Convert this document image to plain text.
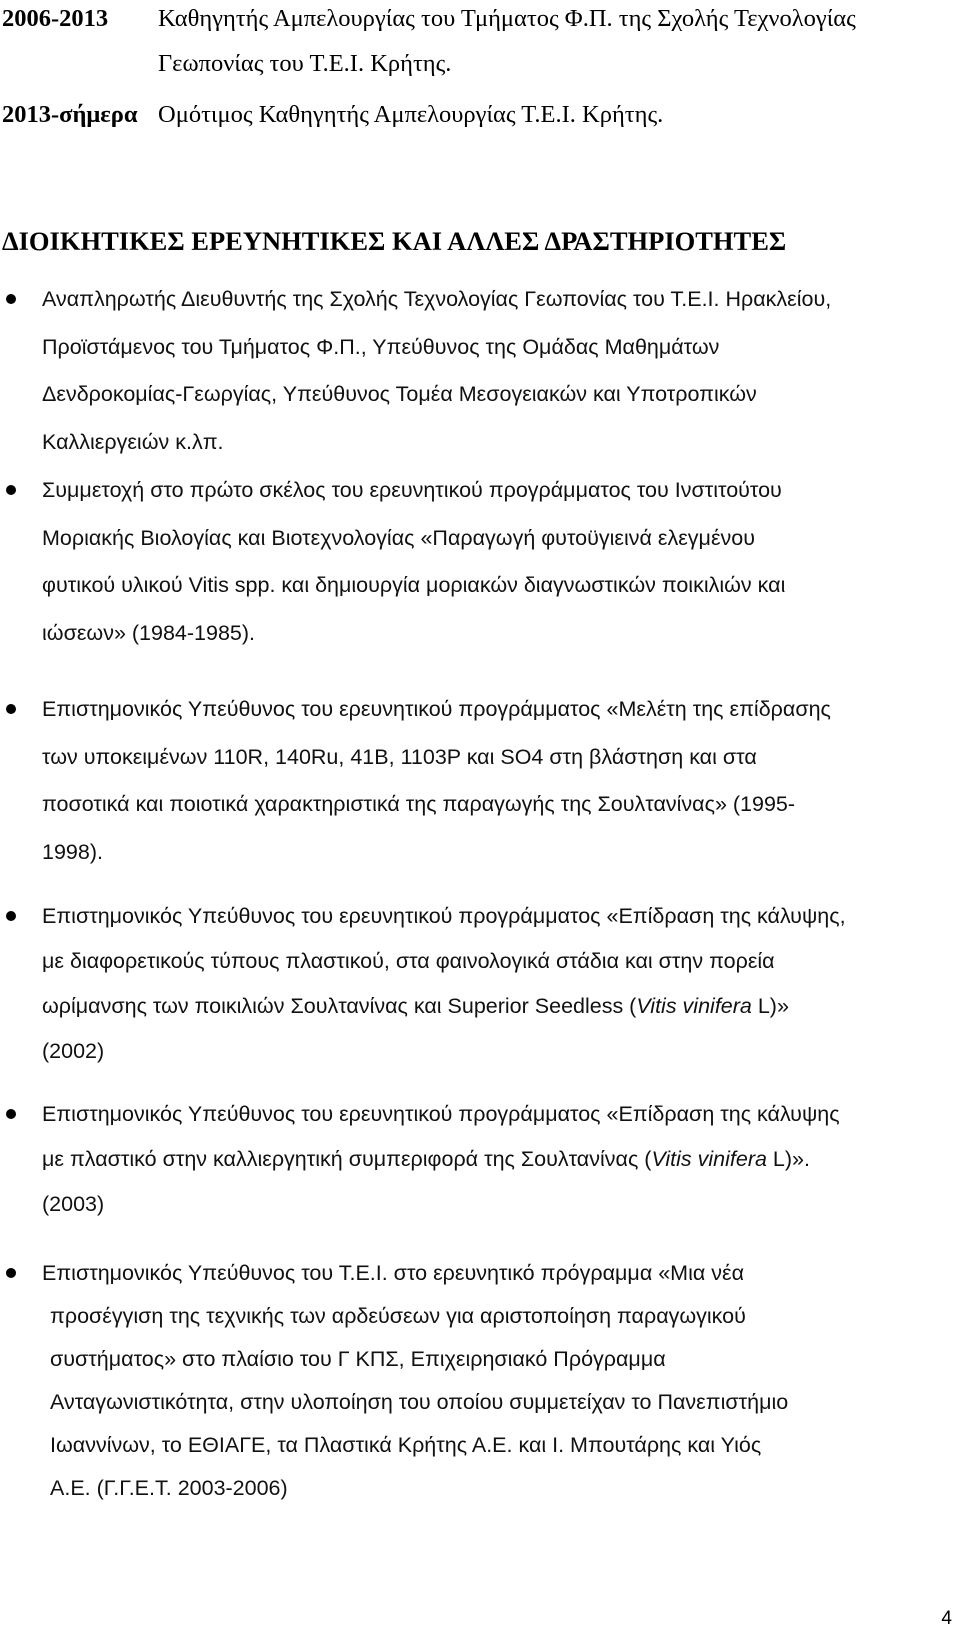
2006-2013 Καθηγητής Αμπελουργίας του Τμήματος Φ.Π. της Σχολής Τεχνολογίας
Γεωπονίας του Τ.Ε.Ι. Κρήτης.
2013-σήμερα Ομότιμος Καθηγητής Αμπελουργίας Τ.Ε.Ι. Κρήτης.
ΔΙΟΙΚΗΤΙΚΕΣ ΕΡΕΥΝΗΤΙΚΕΣ ΚΑΙ ΑΛΛΕΣ ΔΡΑΣΤΗΡΙΟΤΗΤΕΣ
Αναπληρωτής Διευθυντής της Σχολής Τεχνολογίας Γεωπονίας του Τ.Ε.Ι. Ηρακλείου,
Προϊστάμενος του Τμήματος Φ.Π., Υπεύθυνος της Ομάδας Μαθημάτων
Δενδροκομίας-Γεωργίας, Υπεύθυνος Τομέα Μεσογειακών και Υποτροπικών
Καλλιεργειών κ.λπ.
Συμμετοχή στο πρώτο σκέλος του ερευνητικού προγράμματος του Ινστιτούτου
Μοριακής Βιολογίας και Βιοτεχνολογίας «Παραγωγή φυτοϋγιεινά ελεγμένου
φυτικού υλικού Vitis spp. και δημιουργία μοριακών διαγνωστικών ποικιλιών και
ιώσεων» (1984-1985).
Επιστημονικός Υπεύθυνος του ερευνητικού προγράμματος «Μελέτη της επίδρασης
των υποκειμένων 110R, 140Ru, 41B, 1103P και SO4 στη βλάστηση και στα
ποσοτικά και ποιοτικά χαρακτηριστικά της παραγωγής της Σουλτανίνας» (1995-
1998).
Επιστημονικός Υπεύθυνος του ερευνητικού προγράμματος «Επίδραση της κάλυψης,
με διαφορετικούς τύπους πλαστικού, στα φαινολογικά στάδια και στην πορεία
ωρίμανσης των ποικιλιών Σουλτανίνας και Superior Seedless (Vitis vinifera L)»
(2002)
Επιστημονικός Υπεύθυνος του ερευνητικού προγράμματος «Επίδραση της κάλυψης
με πλαστικό στην καλλιεργητική συμπεριφορά της Σουλτανίνας (Vitis vinifera L)».
(2003)
Επιστημονικός Υπεύθυνος του Τ.Ε.Ι. στο ερευνητικό πρόγραμμα «Μια νέα
προσέγγιση της τεχνικής των αρδεύσεων για αριστοποίηση παραγωγικού
συστήματος» στο πλαίσιο του Γ ΚΠΣ, Επιχειρησιακό Πρόγραμμα
Ανταγωνιστικότητα, στην υλοποίηση του οποίου συμμετείχαν το Πανεπιστήμιο
Ιωαννίνων, το ΕΘΙΑΓΕ, τα Πλαστικά Κρήτης Α.Ε. και Ι. Μπουτάρης και Υιός
Α.Ε. (Γ.Γ.Ε.Τ. 2003-2006)
4
